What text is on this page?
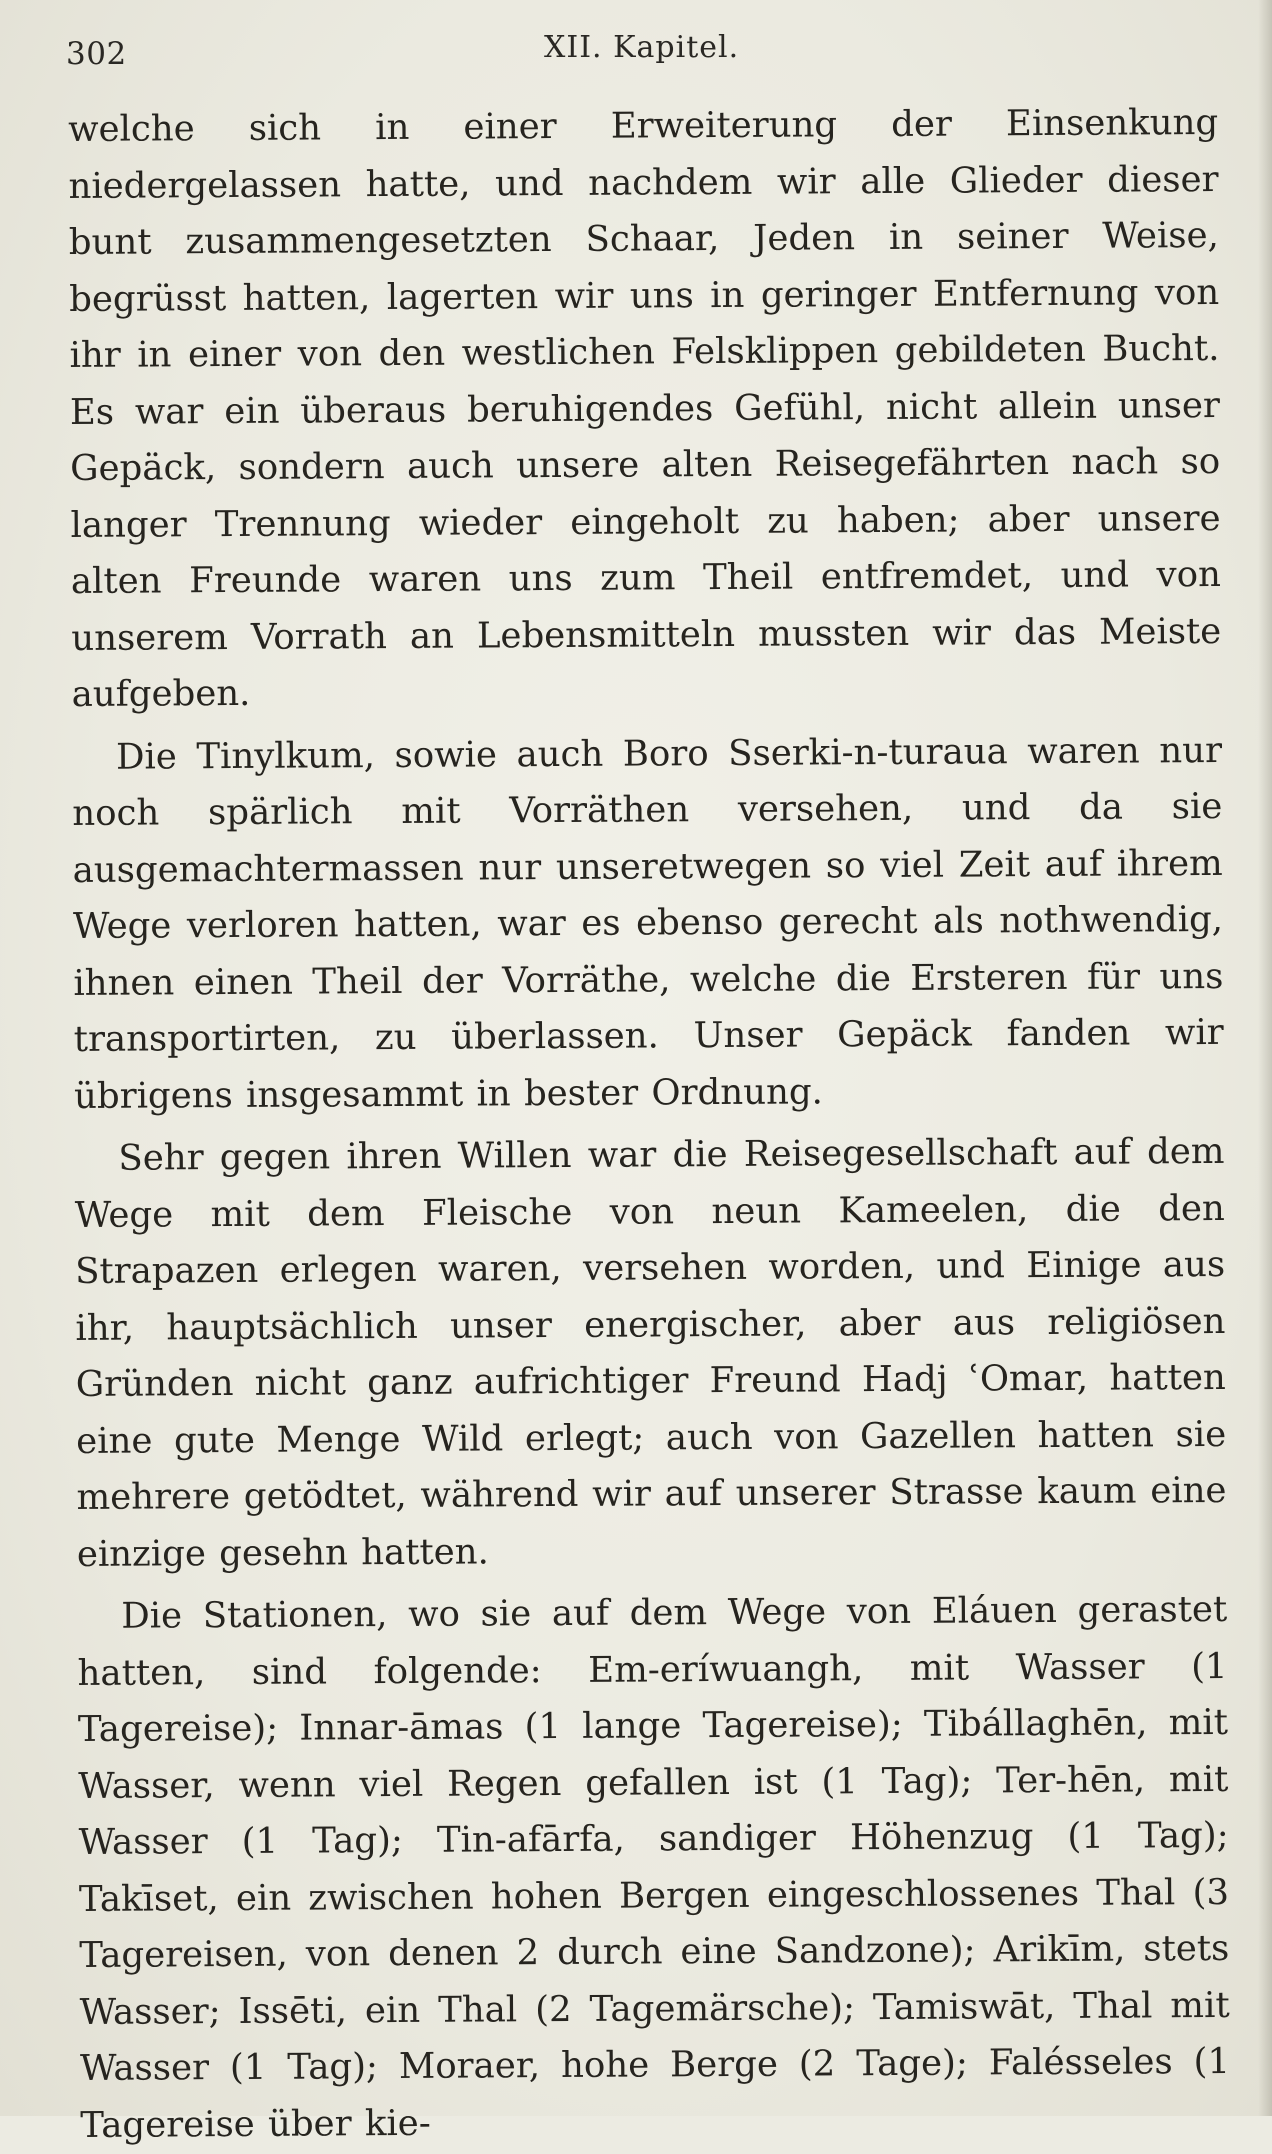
302	XII. Kapitel.

welche sich in einer Erweiterung der Einsenkung niedergelassen hatte, und nachdem wir alle Glieder dieser bunt zusammengesetzten Schaar, Jeden in seiner Weise, begrüsst hatten, lagerten wir uns in geringer Entfernung von ihr in einer von den westlichen Felsklippen gebildeten Bucht. Es war ein überaus beruhigendes Gefühl, nicht allein unser Gepäck, sondern auch unsere alten Reisegefährten nach so langer Trennung wieder eingeholt zu haben; aber unsere alten Freunde waren uns zum Theil entfremdet, und von unserem Vorrath an Lebensmitteln mussten wir das Meiste aufgeben.

Die Tinylkum, sowie auch Boro Sserki-n-turaua waren nur noch spärlich mit Vorräthen versehen, und da sie ausgemachtermassen nur unseretwegen so viel Zeit auf ihrem Wege verloren hatten, war es ebenso gerecht als nothwendig, ihnen einen Theil der Vorräthe, welche die Ersteren für uns transportirten, zu überlassen. Unser Gepäck fanden wir übrigens insgesammt in bester Ordnung.

Sehr gegen ihren Willen war die Reisegesellschaft auf dem Wege mit dem Fleische von neun Kameelen, die den Strapazen erlegen waren, versehen worden, und Einige aus ihr, hauptsächlich unser energischer, aber aus religiösen Gründen nicht ganz aufrichtiger Freund Hadj ʿOmar, hatten eine gute Menge Wild erlegt; auch von Gazellen hatten sie mehrere getödtet, während wir auf unserer Strasse kaum eine einzige gesehn hatten.

Die Stationen, wo sie auf dem Wege von Eláuen gerastet hatten, sind folgende: Em-eríwuangh, mit Wasser (1 Tagereise); Innar-āmas (1 lange Tagereise); Tibállaghēn, mit Wasser, wenn viel Regen gefallen ist (1 Tag); Ter-hēn, mit Wasser (1 Tag); Tin-afārfa, sandiger Höhenzug (1 Tag); Takīset, ein zwischen hohen Bergen eingeschlossenes Thal (3 Tagereisen, von denen 2 durch eine Sandzone); Arikīm, stets Wasser; Issēti, ein Thal (2 Tagemärsche); Tamiswāt, Thal mit Wasser (1 Tag); Moraer, hohe Berge (2 Tage); Falésseles (1 Tagereise über kie-
